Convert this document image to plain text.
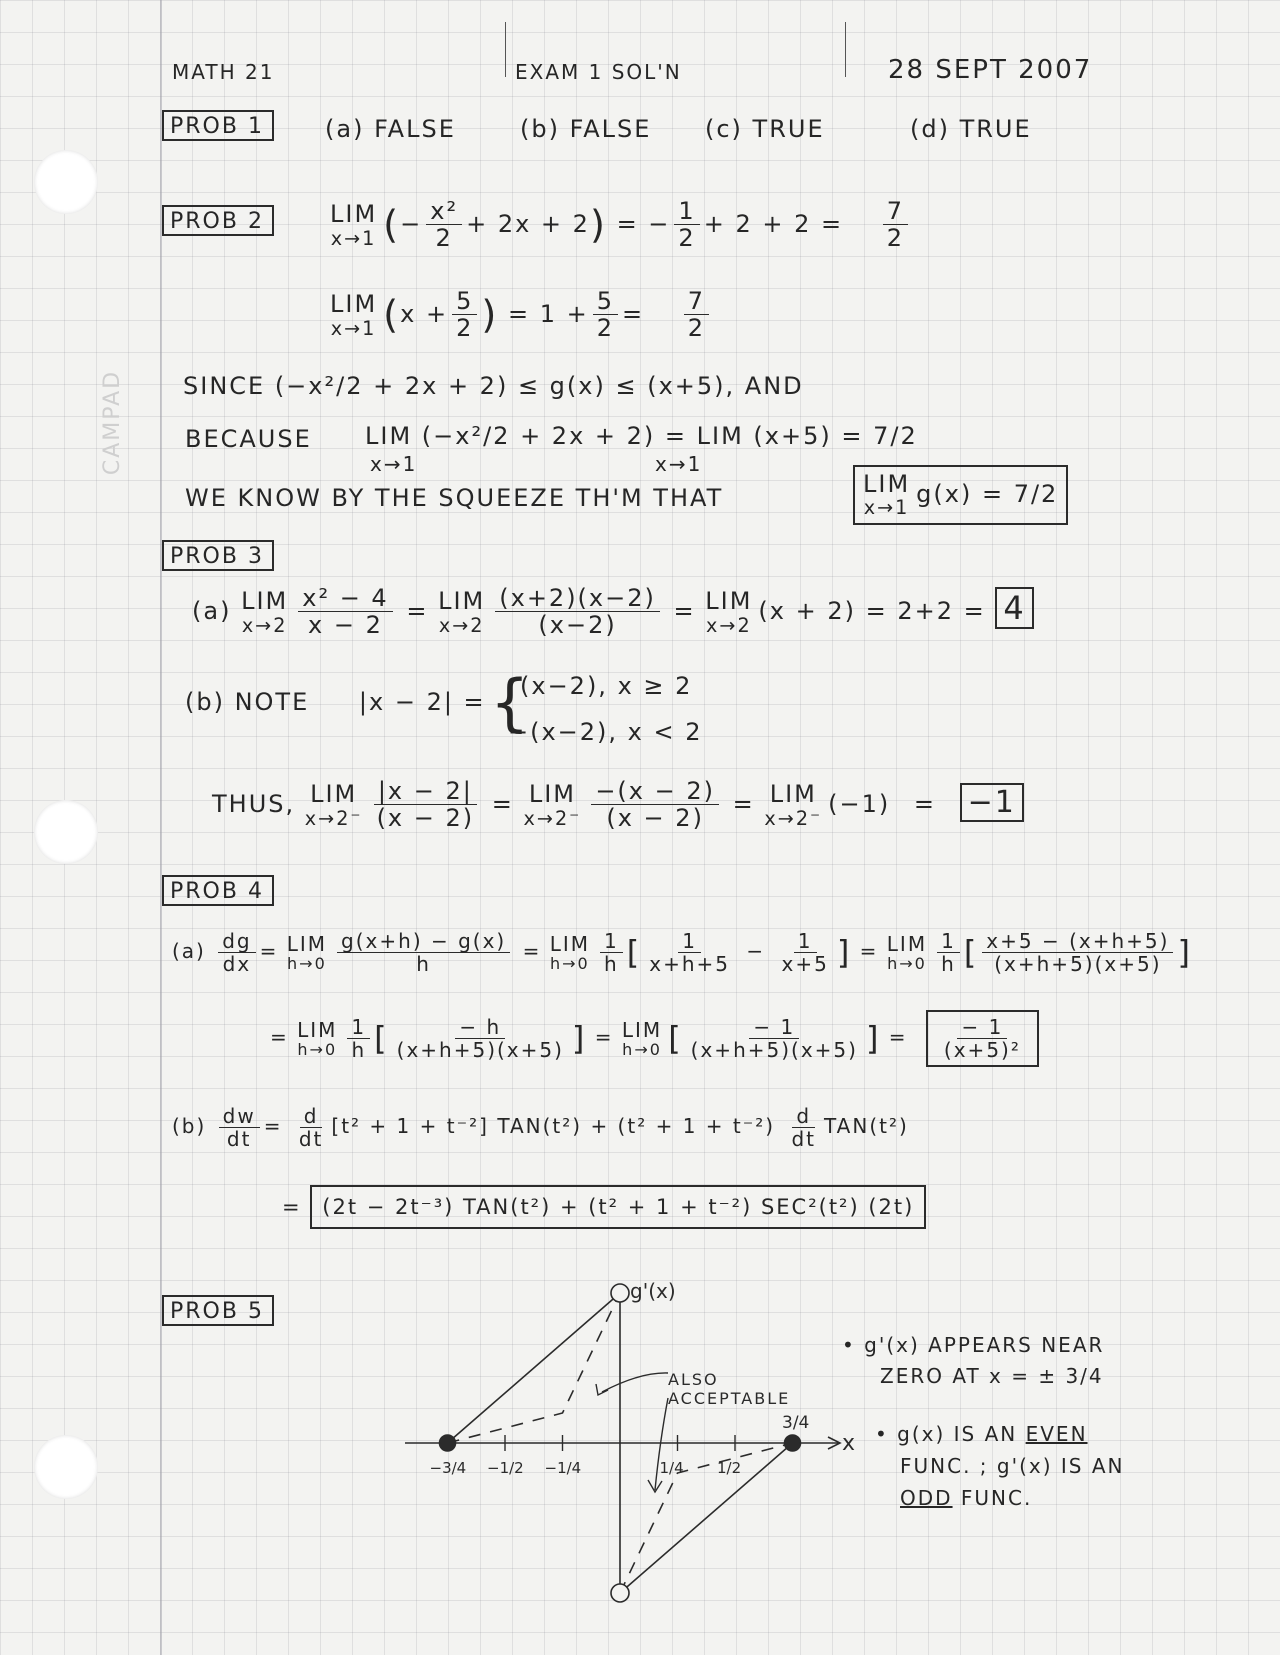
CAMPAD
MATH 21	EXAM 1 SOL'N	28 SEPT 2007
PROB 1	(a) FALSE	(b) FALSE (c) TRUE	(d) TRUE
PROB 2	LIM
x→1 (− $\frac{\text{x²}}{2} + 2x + 2$) = − $\frac{1}{2} + 2 + 2 = \frac{7}{2}$
LIM
x→1 ($x + \frac{5}{2}$ ) = $1 + \frac{5}{2} = \frac{7}{2}$
SINCE (−x²/2 + 2x + 2) ≤ g(x) ≤ (x+5), AND
BECAUSE LIM (−x²/2 + 2x + 2) = LIM (x+5) = 7/2
x→1	x→1
WE KNOW BY THE SQUEEZE TH'M THAT	LIM
x→1
g(x) = 7/2
PROB 3
(a) LIM
$x\to 2 \frac{\text{x² − 4}}{x - 2}$ = LIM
$x\to 2 \frac{(x+2)(x-2)}{(x-2)}$ = LIM
x→2
(x + 2) = 2+2 = 4
(b) NOTE |x − 2| = {
(x−2), x ≥ 2
−(x−2), x < 2
THUS, LIM
$x\to 2^- \frac{|x - 2|}{(x - 2)}$ = LIM
$x\to 2^- \frac{-(x - 2)}{(x - 2)}$ = LIM
x→2⁻
(−1) = −1
PROB 4
$(a) \frac{dg}{dx}$ = LIM
$h\to 0 \frac{g(x+h) - g(x)}{h}$ = LIM
$h\to 0 \frac{1}{h}$ [ $\frac{1}{x+h+5} - \frac{1}{x+5}$ ] = LIM
$h\to 0 \frac{1}{h}$ [ $\frac{x+5 - (x+h+5)}{(x+h+5)(x+5)}$ ]
= LIM
$h\to 0 \frac{1}{h}$ [ $\frac{- h}{(x+h+5)(x+5)}$ ] = LIM
h→0 [ $\frac{- 1}{(x+h+5)(x+5)}$ ] = $\frac{- 1}{\text{(x+5)²}}$
$(b) \frac{dw}{dt} = \frac{d}{dt} [t^2 + 1 + t^{-2}] TAN(t^2) + (t^2 + 1 + t^{-2}) \frac{d}{dt} TAN(t^2)$
= (2t − 2t⁻³) TAN(t²) + (t² + 1 + t⁻²) SEC²(t²) (2t)
PROB 5
−3/4 −1/2 −1/4	1/4 1/2
g'(x)
x
3/4
ALSO
ACCEPTABLE
• g'(x) APPEARS NEAR
ZERO AT x = ± 3/4
• g(x) IS AN EVEN
FUNC. ; g'(x) IS AN
ODD FUNC.
